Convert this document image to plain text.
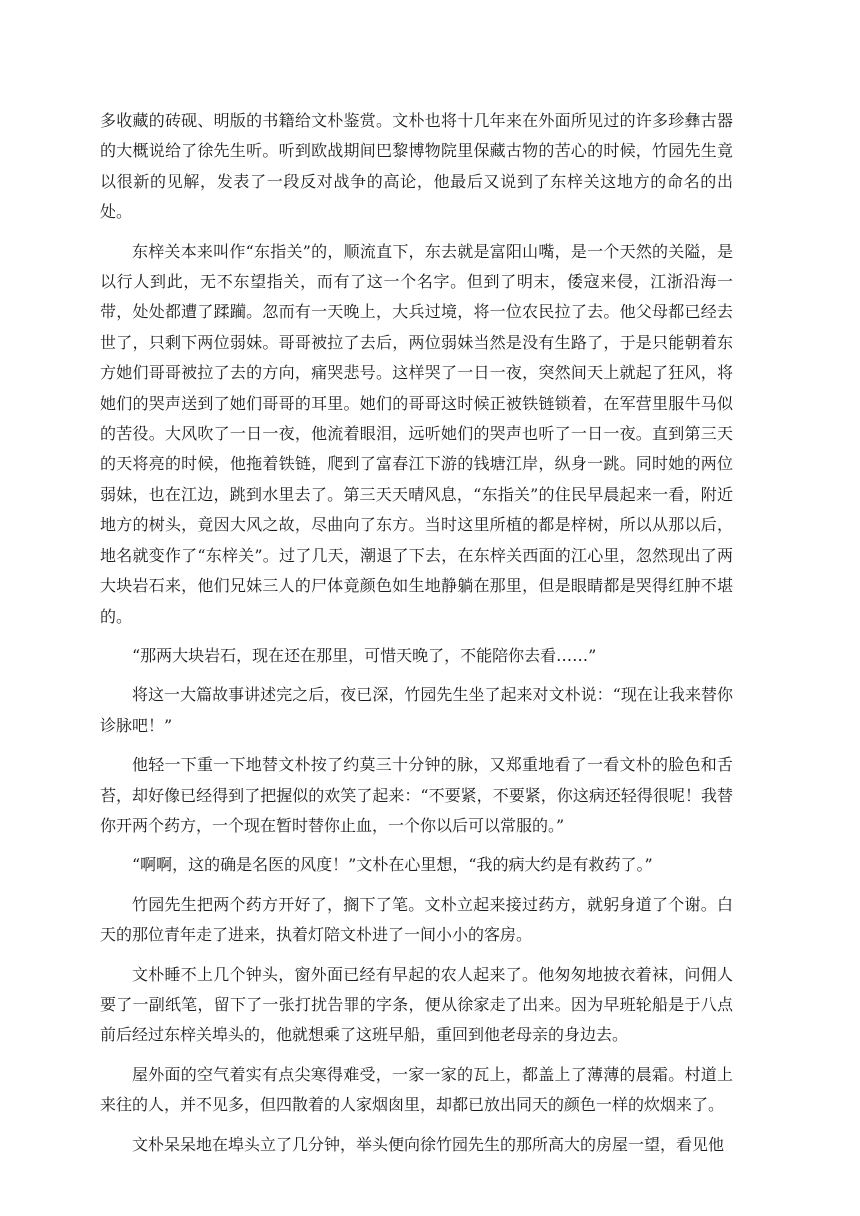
多收藏的砖砚、明版的书籍给文朴鉴赏。文朴也将十几年来在外面所见过的许多珍彝古器的大概说给了徐先生听。听到欧战期间巴黎博物院里保藏古物的苦心的时候，竹园先生竟以很新的见解，发表了一段反对战争的高论，他最后又说到了东梓关这地方的命名的出处。

东梓关本来叫作“东指关”的，顺流直下，东去就是富阳山嘴，是一个天然的关隘，是以行人到此，无不东望指关，而有了这一个名字。但到了明末，倭寇来侵，江浙沿海一带，处处都遭了蹂躏。忽而有一天晚上，大兵过境，将一位农民拉了去。他父母都已经去世了，只剩下两位弱妹。哥哥被拉了去后，两位弱妹当然是没有生路了，于是只能朝着东方她们哥哥被拉了去的方向，痛哭悲号。这样哭了一日一夜，突然间天上就起了狂风，将她们的哭声送到了她们哥哥的耳里。她们的哥哥这时候正被铁链锁着，在军营里服牛马似的苦役。大风吹了一日一夜，他流着眼泪，远听她们的哭声也听了一日一夜。直到第三天的天将亮的时候，他拖着铁链，爬到了富春江下游的钱塘江岸，纵身一跳。同时她的两位弱妹，也在江边，跳到水里去了。第三天天晴风息，“东指关”的住民早晨起来一看，附近地方的树头，竟因大风之故，尽曲向了东方。当时这里所植的都是梓树，所以从那以后，地名就变作了“东梓关”。过了几天，潮退了下去，在东梓关西面的江心里，忽然现出了两大块岩石来，他们兄妹三人的尸体竟颜色如生地静躺在那里，但是眼睛都是哭得红肿不堪的。

“那两大块岩石，现在还在那里，可惜天晚了，不能陪你去看……”

将这一大篇故事讲述完之后，夜已深，竹园先生坐了起来对文朴说：“现在让我来替你诊脉吧！”

他轻一下重一下地替文朴按了约莫三十分钟的脉，又郑重地看了一看文朴的脸色和舌苔，却好像已经得到了把握似的欢笑了起来：“不要紧，不要紧，你这病还轻得很呢！我替你开两个药方，一个现在暂时替你止血，一个你以后可以常服的。”

“啊啊，这的确是名医的风度！”文朴在心里想，“我的病大约是有救药了。”

竹园先生把两个药方开好了，搁下了笔。文朴立起来接过药方，就躬身道了个谢。白天的那位青年走了进来，执着灯陪文朴进了一间小小的客房。

文朴睡不上几个钟头，窗外面已经有早起的农人起来了。他匆匆地披衣着袜，问佣人要了一副纸笔，留下了一张打扰告罪的字条，便从徐家走了出来。因为早班轮船是于八点前后经过东梓关埠头的，他就想乘了这班早船，重回到他老母亲的身边去。

屋外面的空气着实有点尖寒得难受，一家一家的瓦上，都盖上了薄薄的晨霜。村道上来往的人，并不见多，但四散着的人家烟囱里，却都已放出同天的颜色一样的炊烟来了。

文朴呆呆地在埠头立了几分钟，举头便向徐竹园先生的那所高大的房屋一望，看见他
